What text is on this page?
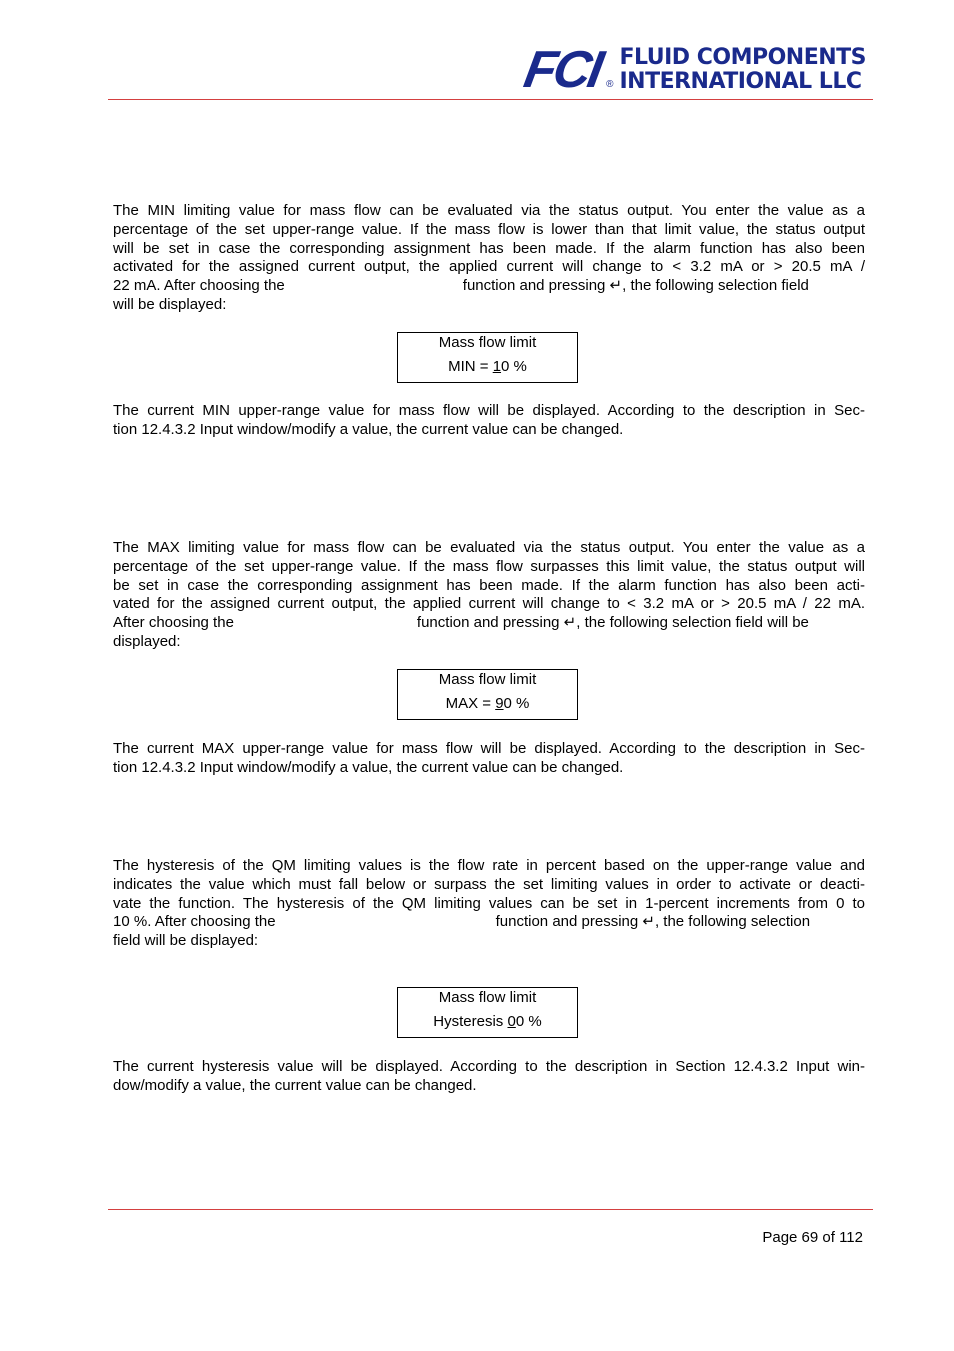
FCI ®
FLUID COMPONENTS
INTERNATIONAL LLC
The MIN limiting value for mass flow can be evaluated via the status output. You enter the value as a
percentage of the set upper-range value. If the mass flow is lower than that limit value, the status output
will be set in case the corresponding assignment has been made. If the alarm function has also been
activated for the assigned current output, the applied current will change to < 3.2 mA or > 20.5 mA /
22 mA. After choosing the	function and pressing ↵, the following selection field
will be displayed:
Mass flow limit
MIN = 10 %
The current MIN upper-range value for mass flow will be displayed. According to the description in Sec-
tion 12.4.3.2 Input window/modify a value, the current value can be changed.
The MAX limiting value for mass flow can be evaluated via the status output. You enter the value as a
percentage of the set upper-range value. If the mass flow surpasses this limit value, the status output will
be set in case the corresponding assignment has been made. If the alarm function has also been acti-
vated for the assigned current output, the applied current will change to < 3.2 mA or > 20.5 mA / 22 mA.
After choosing the	function and pressing ↵, the following selection field will be
displayed:
Mass flow limit
MAX = 90 %
The current MAX upper-range value for mass flow will be displayed. According to the description in Sec-
tion 12.4.3.2 Input window/modify a value, the current value can be changed.
The hysteresis of the QM limiting values is the flow rate in percent based on the upper-range value and
indicates the value which must fall below or surpass the set limiting values in order to activate or deacti-
vate the function. The hysteresis of the QM limiting values can be set in 1-percent increments from 0 to
10 %. After choosing the	function and pressing ↵, the following selection
field will be displayed:
Mass flow limit
Hysteresis 00 %
The current hysteresis value will be displayed. According to the description in Section 12.4.3.2 Input win-
dow/modify a value, the current value can be changed.
Page 69 of 112
